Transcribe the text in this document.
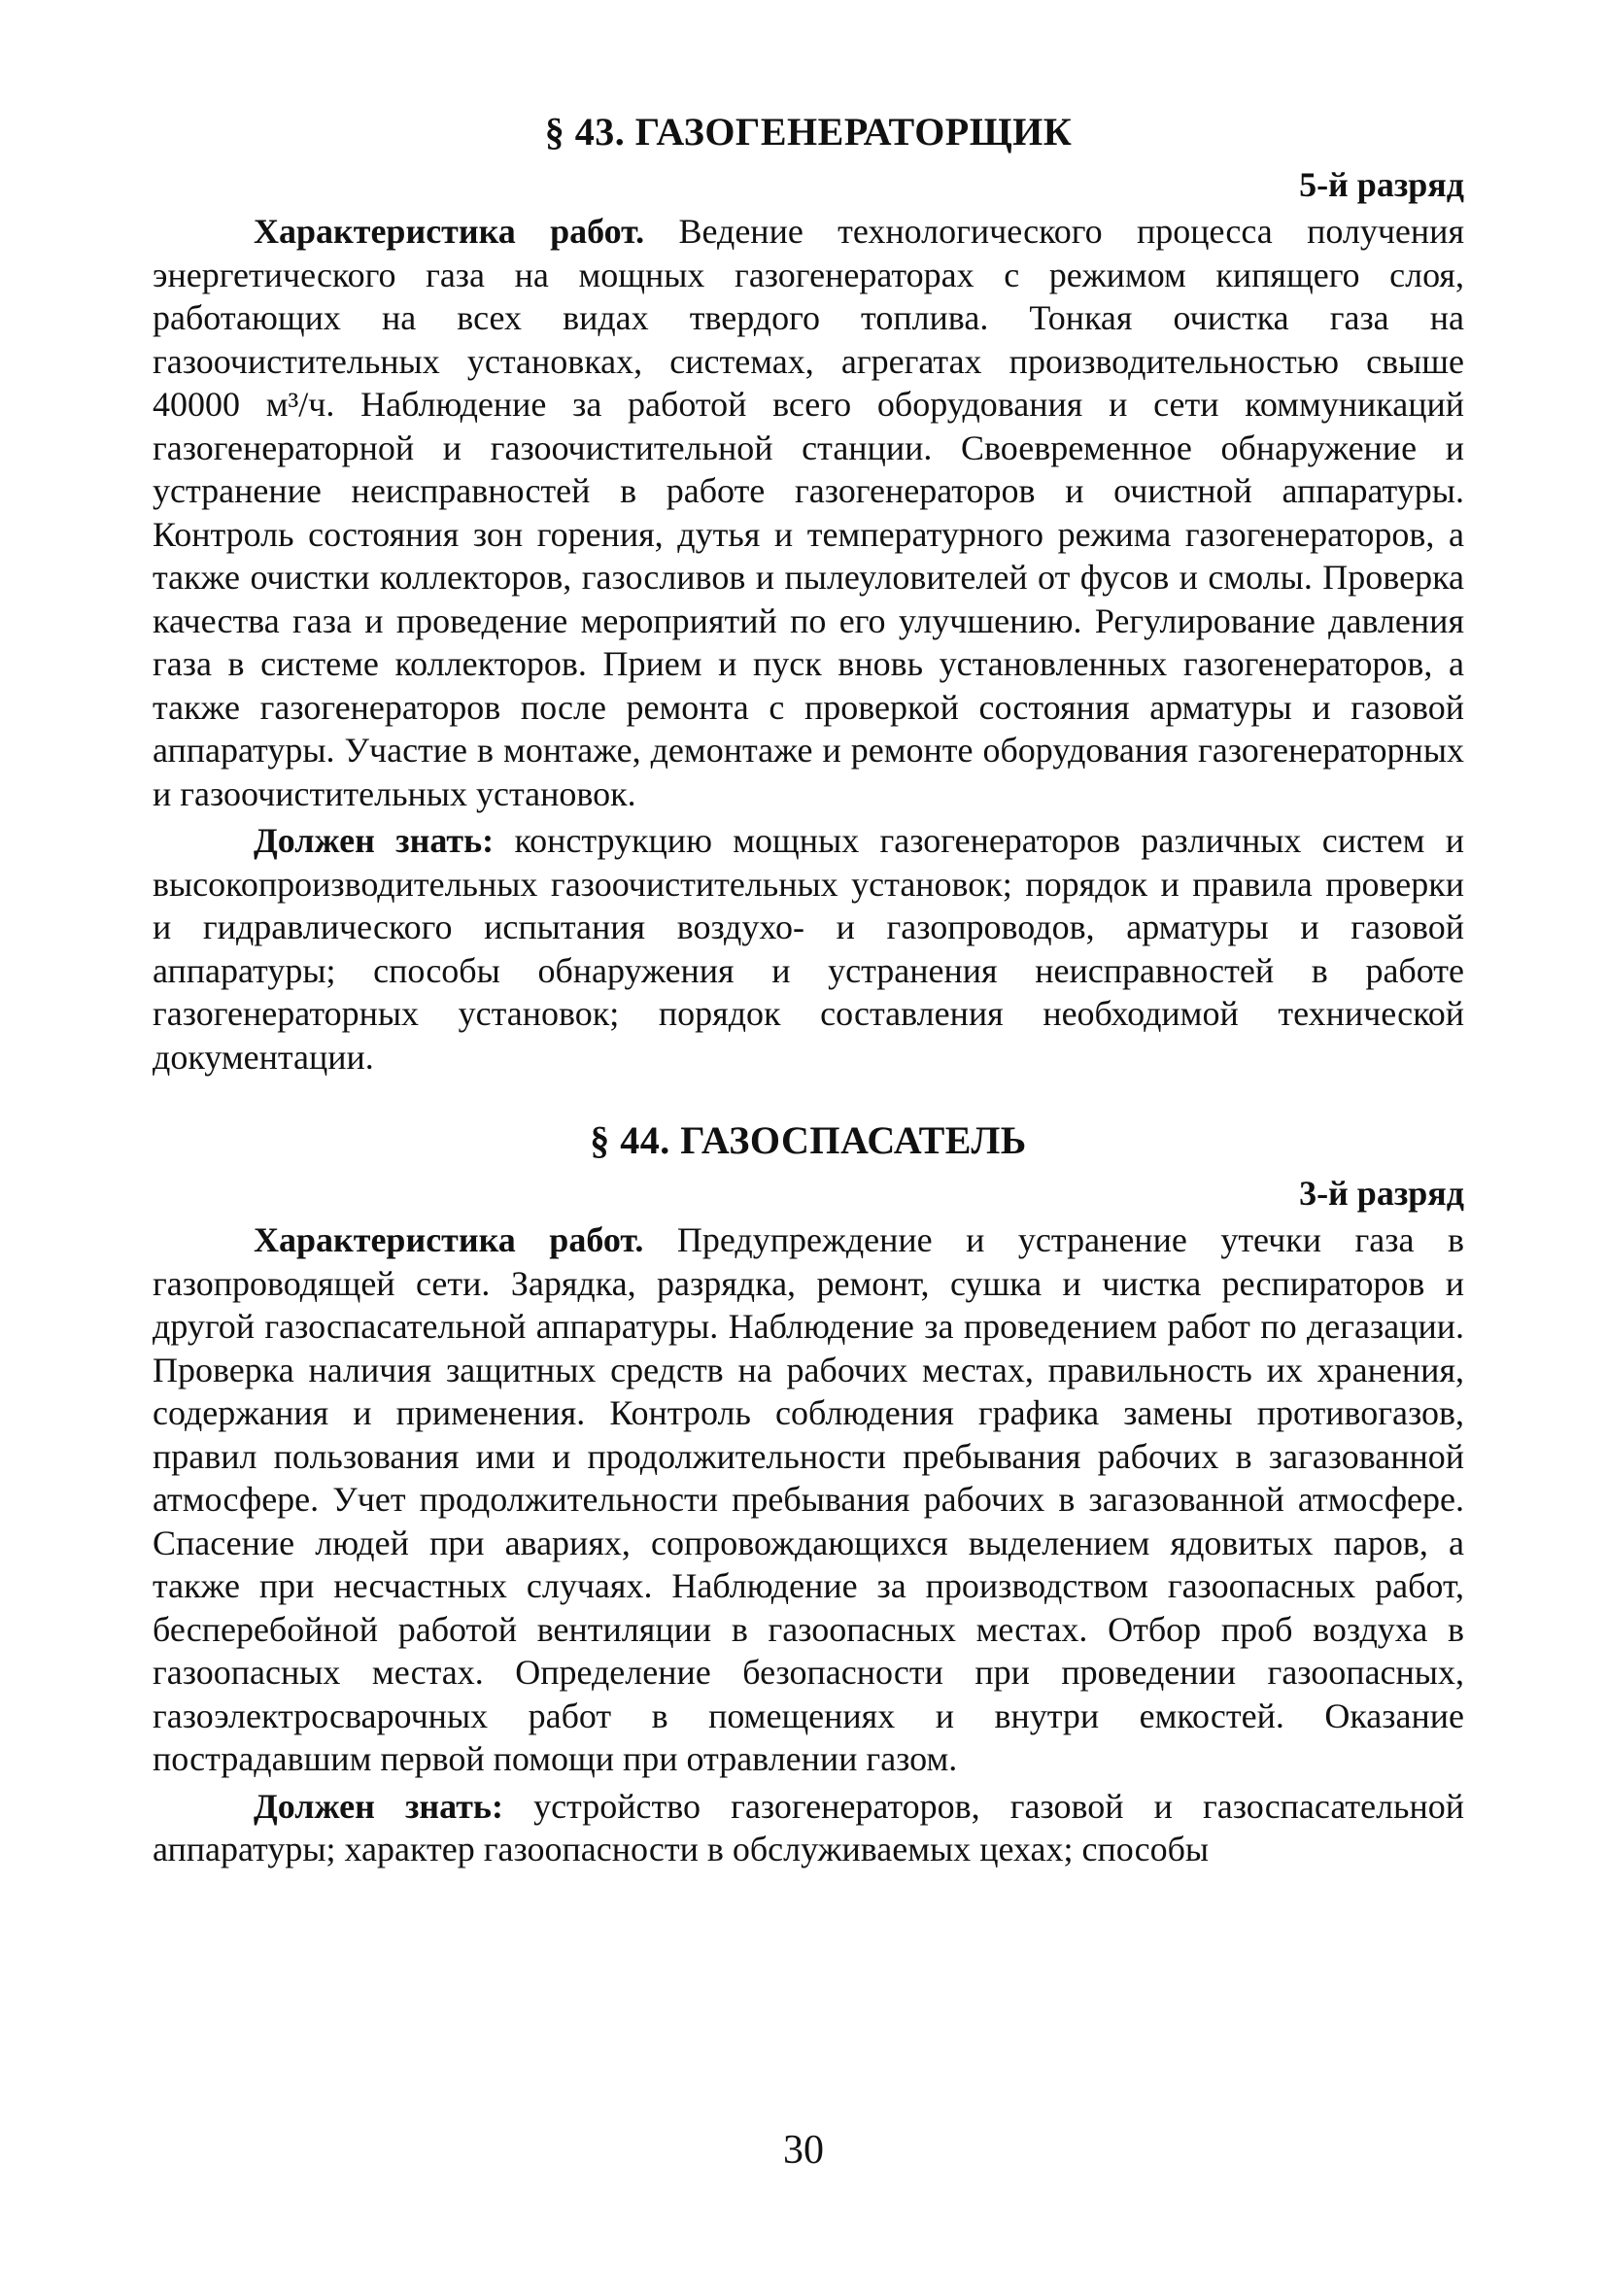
§ 43. ГАЗОГЕНЕРАТОРЩИК
5-й разряд

Характеристика работ. Ведение технологического процесса получения энергетического газа на мощных газогенераторах с режимом кипящего слоя, работающих на всех видах твердого топлива. Тонкая очистка газа на газоочистительных установках, системах, агрегатах производительностью свыше 40000 м³/ч. Наблюдение за работой всего оборудования и сети коммуникаций газогенераторной и газоочистительной станции. Своевременное обнаружение и устранение неисправностей в работе газогенераторов и очистной аппаратуры. Контроль состояния зон горения, дутья и температурного режима газогенераторов, а также очистки коллекторов, газосливов и пылеуловителей от фусов и смолы. Проверка качества газа и проведение мероприятий по его улучшению. Регулирование давления газа в системе коллекторов. Прием и пуск вновь установленных газогенераторов, а также газогенераторов после ремонта с проверкой состояния арматуры и газовой аппаратуры. Участие в монтаже, демонтаже и ремонте оборудования газогенераторных и газоочистительных установок.

Должен знать: конструкцию мощных газогенераторов различных систем и высокопроизводительных газоочистительных установок; порядок и правила проверки и гидравлического испытания воздухо- и газопроводов, арматуры и газовой аппаратуры; способы обнаружения и устранения неисправностей в работе газогенераторных установок; порядок составления необходимой технической документации.

§ 44. ГАЗОСПАСАТЕЛЬ
3-й разряд

Характеристика работ. Предупреждение и устранение утечки газа в газопроводящей сети. Зарядка, разрядка, ремонт, сушка и чистка респираторов и другой газоспасательной аппаратуры. Наблюдение за проведением работ по дегазации. Проверка наличия защитных средств на рабочих местах, правильность их хранения, содержания и применения. Контроль соблюдения графика замены противогазов, правил пользования ими и продолжительности пребывания рабочих в загазованной атмосфере. Учет продолжительности пребывания рабочих в загазованной атмосфере. Спасение людей при авариях, сопровождающихся выделением ядовитых паров, а также при несчастных случаях. Наблюдение за производством газоопасных работ, бесперебойной работой вентиляции в газоопасных местах. Отбор проб воздуха в газоопасных местах. Определение безопасности при проведении газоопасных, газоэлектросварочных работ в помещениях и внутри емкостей. Оказание пострадавшим первой помощи при отравлении газом.

Должен знать: устройство газогенераторов, газовой и газоспасательной аппаратуры; характер газоопасности в обслуживаемых цехах; способы

30
